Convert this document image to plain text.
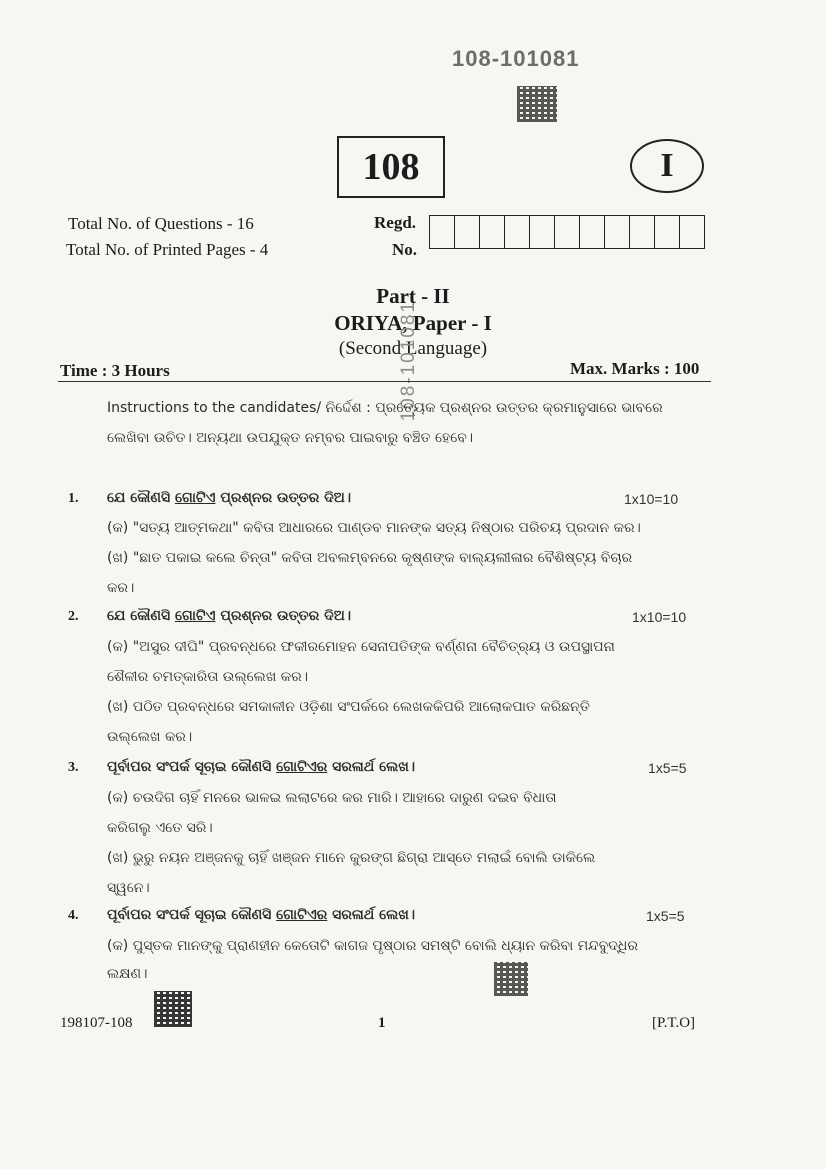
108-101081
108	I
Total No. of Questions - 16
Total No. of Printed Pages - 4
Regd.
No.
Part - II
ORIYA, Paper - I
(Second Language)
108-101081
Time : 3 Hours	Max. Marks : 100
Instructions to the candidates/ ନିର୍ଦ୍ଦେଶ : ପ୍ରତ୍ୟେକ ପ୍ରଶ୍ନର ଉତ୍ତର କ୍ରମାନୁସାରେ ଭାବରେ
ଲେଖିବା ଉଚିତ। ଅନ୍ୟଥା ଉପଯୁକ୍ତ ନମ୍ବର ପାଇବାରୁ ବଞ୍ଚିତ ହେବେ।
1. ଯେ କୌଣସି ଗୋଟିଏ ପ୍ରଶ୍ନର ଉତ୍ତର ଦିଅ।	1x10=10
(କ) "ସତ୍ୟ ଆତ୍ମକଥା" କବିତା ଆଧାରରେ ପାଣ୍ଡବ ମାନଙ୍କ ସତ୍ୟ ନିଷ୍ଠାର ପରିଚୟ ପ୍ରଦାନ କର।
(ଖ) "ଛାତ ପକାଇ କଲେ ଚିନ୍ତା" କବିତା ଅବଲମ୍ବନରେ କୃଷ୍ଣଙ୍କ ବାଲ୍ୟଲୀଳାର ବୈଶିଷ୍ଟ୍ୟ ବିଚାର
କର।
2. ଯେ କୌଣସି ଗୋଟିଏ ପ୍ରଶ୍ନର ଉତ୍ତର ଦିଅ।	1x10=10
(କ) "ଅସୁର ଦୀଘି" ପ୍ରବନ୍ଧରେ ଫକୀରମୋହନ ସେନାପତିଙ୍କ ବର୍ଣ୍ଣନା ବୈଚିତ୍ର୍ୟ ଓ ଉପସ୍ଥାପନା
ଶୈଳୀର ଚମତ୍କାରିତା ଉଲ୍ଲେଖ କର।
(ଖ) ପଠିତ ପ୍ରବନ୍ଧରେ ସମକାଳୀନ ଓଡ଼ିଶା ସଂପର୍କରେ ଲେଖକକିପରି ଆଲୋକପାତ କରିଛନ୍ତି
ଉଲ୍ଲେଖ କର।
3. ପୂର୍ବାପର ସଂପର୍କ ସୂଚାଇ କୌଣସି ଗୋଟିଏର ସରଳାର୍ଥ ଲେଖ।	1x5=5
(କ) ଚଉଦିଗ ଚାହିଁ ମନରେ ଭାଳଇ ଲଲାଟରେ କର ମାରି। ଆହାରେ ଦାରୁଣ ଦଇବ ବିଧାତା
କରିଗଲୁ ଏତେ ସରି।
(ଖ) ଭୁରୁ ନୟନ ଅଞ୍ଜନକୁ ଚାହିଁ ଖଞ୍ଜନ ମାନେ କୁରଙ୍ଗ ଛିଗ୍ରା ଆସ୍ତେ ମଲାଇଁ ବୋଲି ଡାକିଲେ
ସ୍ୱନେ।
4. ପୂର୍ବାପର ସଂପର୍କ ସୂଚାଇ କୌଣସି ଗୋଟିଏର ସରଳାର୍ଥ ଲେଖ।	1x5=5
(କ) ପୁସ୍ତକ ମାନଙ୍କୁ ପ୍ରାଣହୀନ କେତୋଟି କାଗଜ ପୃଷ୍ଠାର ସମଷ୍ଟି ବୋଲି ଧ୍ୟାନ କରିବା ମନ୍ଦବୁଦ୍ଧିର
ଲକ୍ଷଣ।
198107-108	1	[P.T.O]
